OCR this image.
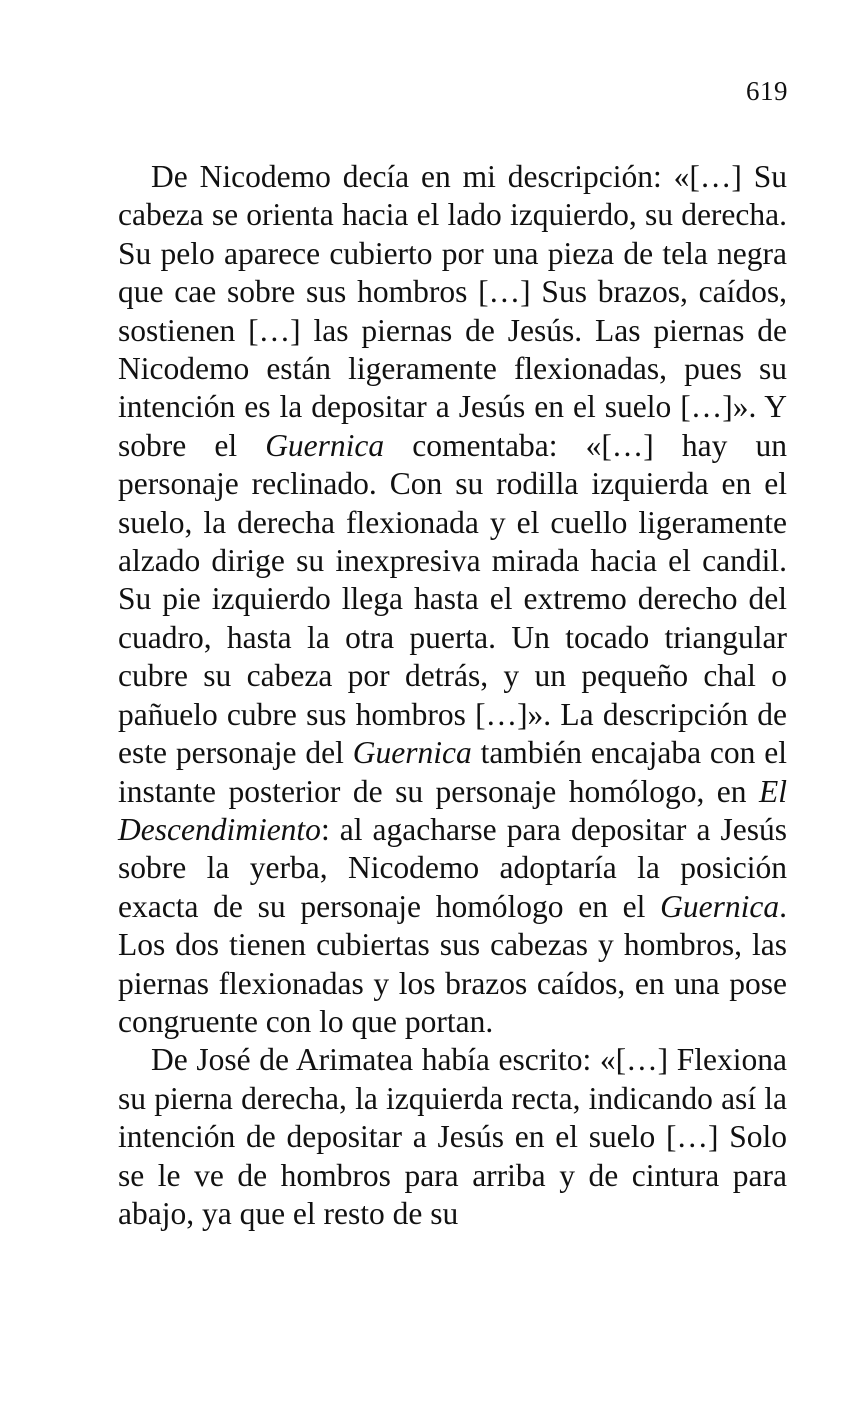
619

De Nicodemo decía en mi descripción: «[…] Su cabeza se orienta hacia el lado izquierdo, su derecha. Su pelo aparece cubierto por una pieza de tela negra que cae sobre sus hombros […] Sus brazos, caídos, sostienen […] las piernas de Jesús. Las piernas de Nicodemo están ligeramente flexionadas, pues su intención es la depositar a Jesús en el suelo […]». Y sobre el Guernica comentaba: «[…] hay un personaje reclinado. Con su rodilla izquierda en el suelo, la derecha flexionada y el cuello ligeramente alzado dirige su inexpresiva mirada hacia el candil. Su pie izquierdo llega hasta el extremo derecho del cuadro, hasta la otra puerta. Un tocado triangular cubre su cabeza por detrás, y un pequeño chal o pañuelo cubre sus hombros […]». La descripción de este personaje del Guernica también encajaba con el instante posterior de su personaje homólogo, en El Descendimiento: al agacharse para depositar a Jesús sobre la yerba, Nicodemo adoptaría la posición exacta de su personaje homólogo en el Guernica. Los dos tienen cubiertas sus cabezas y hombros, las piernas flexionadas y los brazos caídos, en una pose congruente con lo que portan.

De José de Arimatea había escrito: «[…] Flexiona su pierna derecha, la izquierda recta, indicando así la intención de depositar a Jesús en el suelo […] Solo se le ve de hombros para arriba y de cintura para abajo, ya que el resto de su
